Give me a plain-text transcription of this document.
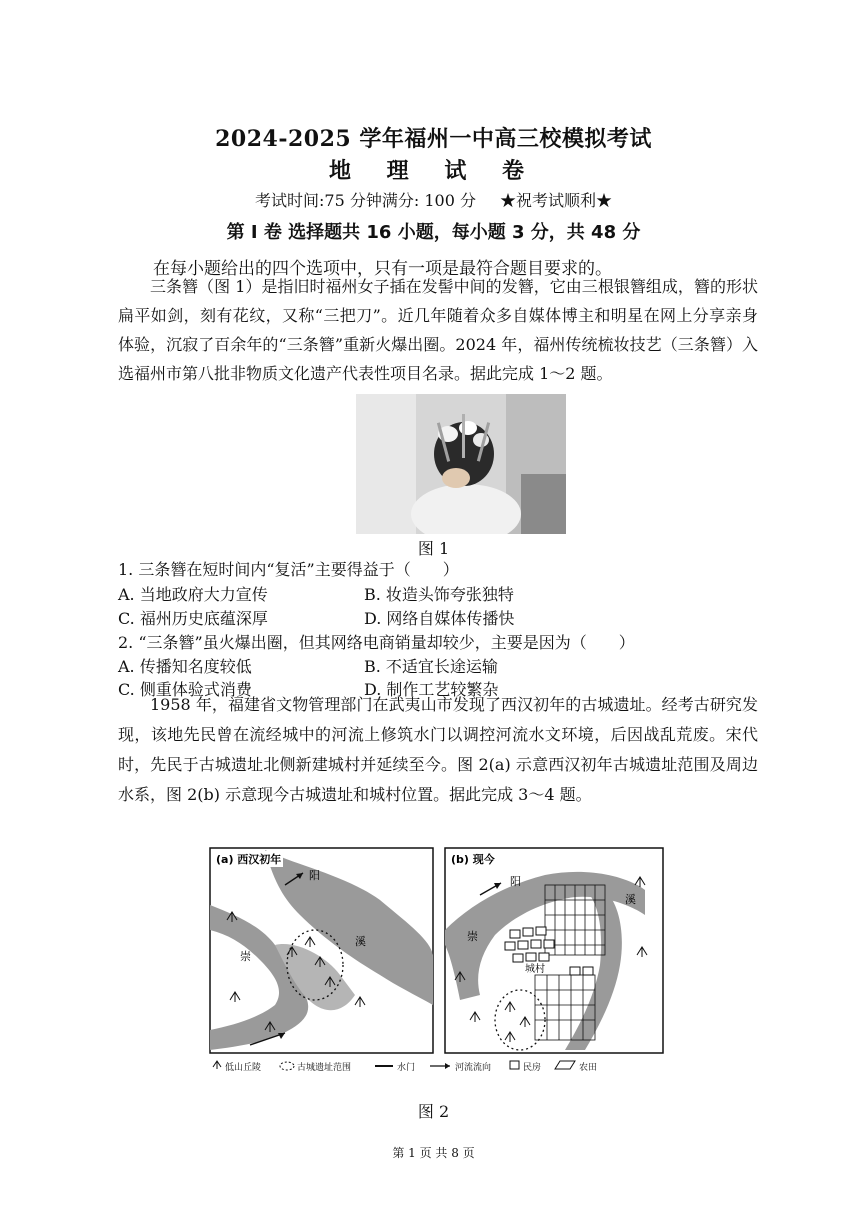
2024-2025 学年福州一中高三校模拟考试
地 理 试 卷
考试时间:75 分钟满分: 100 分 ★祝考试顺利★
第 I 卷 选择题共 16 小题，每小题 3 分，共 48 分
在每小题给出的四个选项中，只有一项是最符合题目要求的。
三条簪（图 1）是指旧时福州女子插在发髻中间的发簪，它由三根银簪组成，簪的形状扁平如剑，刻有花纹，又称“三把刀”。近几年随着众多自媒体博主和明星在网上分享亲身体验，沉寂了百余年的“三条簪”重新火爆出圈。2024 年，福州传统梳妆技艺（三条簪）入选福州市第八批非物质文化遗产代表性项目名录。据此完成 1～2 题。
图 1
1. 三条簪在短时间内“复活”主要得益于（　　）
A. 当地政府大力宣传	B. 妆造头饰夸张独特
C. 福州历史底蕴深厚	D. 网络自媒体传播快
2. “三条簪”虽火爆出圈，但其网络电商销量却较少，主要是因为（　　）
A. 传播知名度较低	B. 不适宜长途运输
C. 侧重体验式消费	D. 制作工艺较繁杂
1958 年，福建省文物管理部门在武夷山市发现了西汉初年的古城遗址。经考古研究发现，该地先民曾在流经城中的河流上修筑水门以调控河流水文环境，后因战乱荒废。宋代时，先民于古城遗址北侧新建城村并延续至今。图 2(a) 示意西汉初年古城遗址范围及周边水系，图 2(b) 示意现今古城遗址和城村位置。据此完成 3～4 题。
阳
崇
溪
(a) 西汉初年
阳
崇
溪
城村
(b) 现今
低山丘陵	古城遗址范围	水门	河流流向	民房	农田
图 2
第 1 页 共 8 页
